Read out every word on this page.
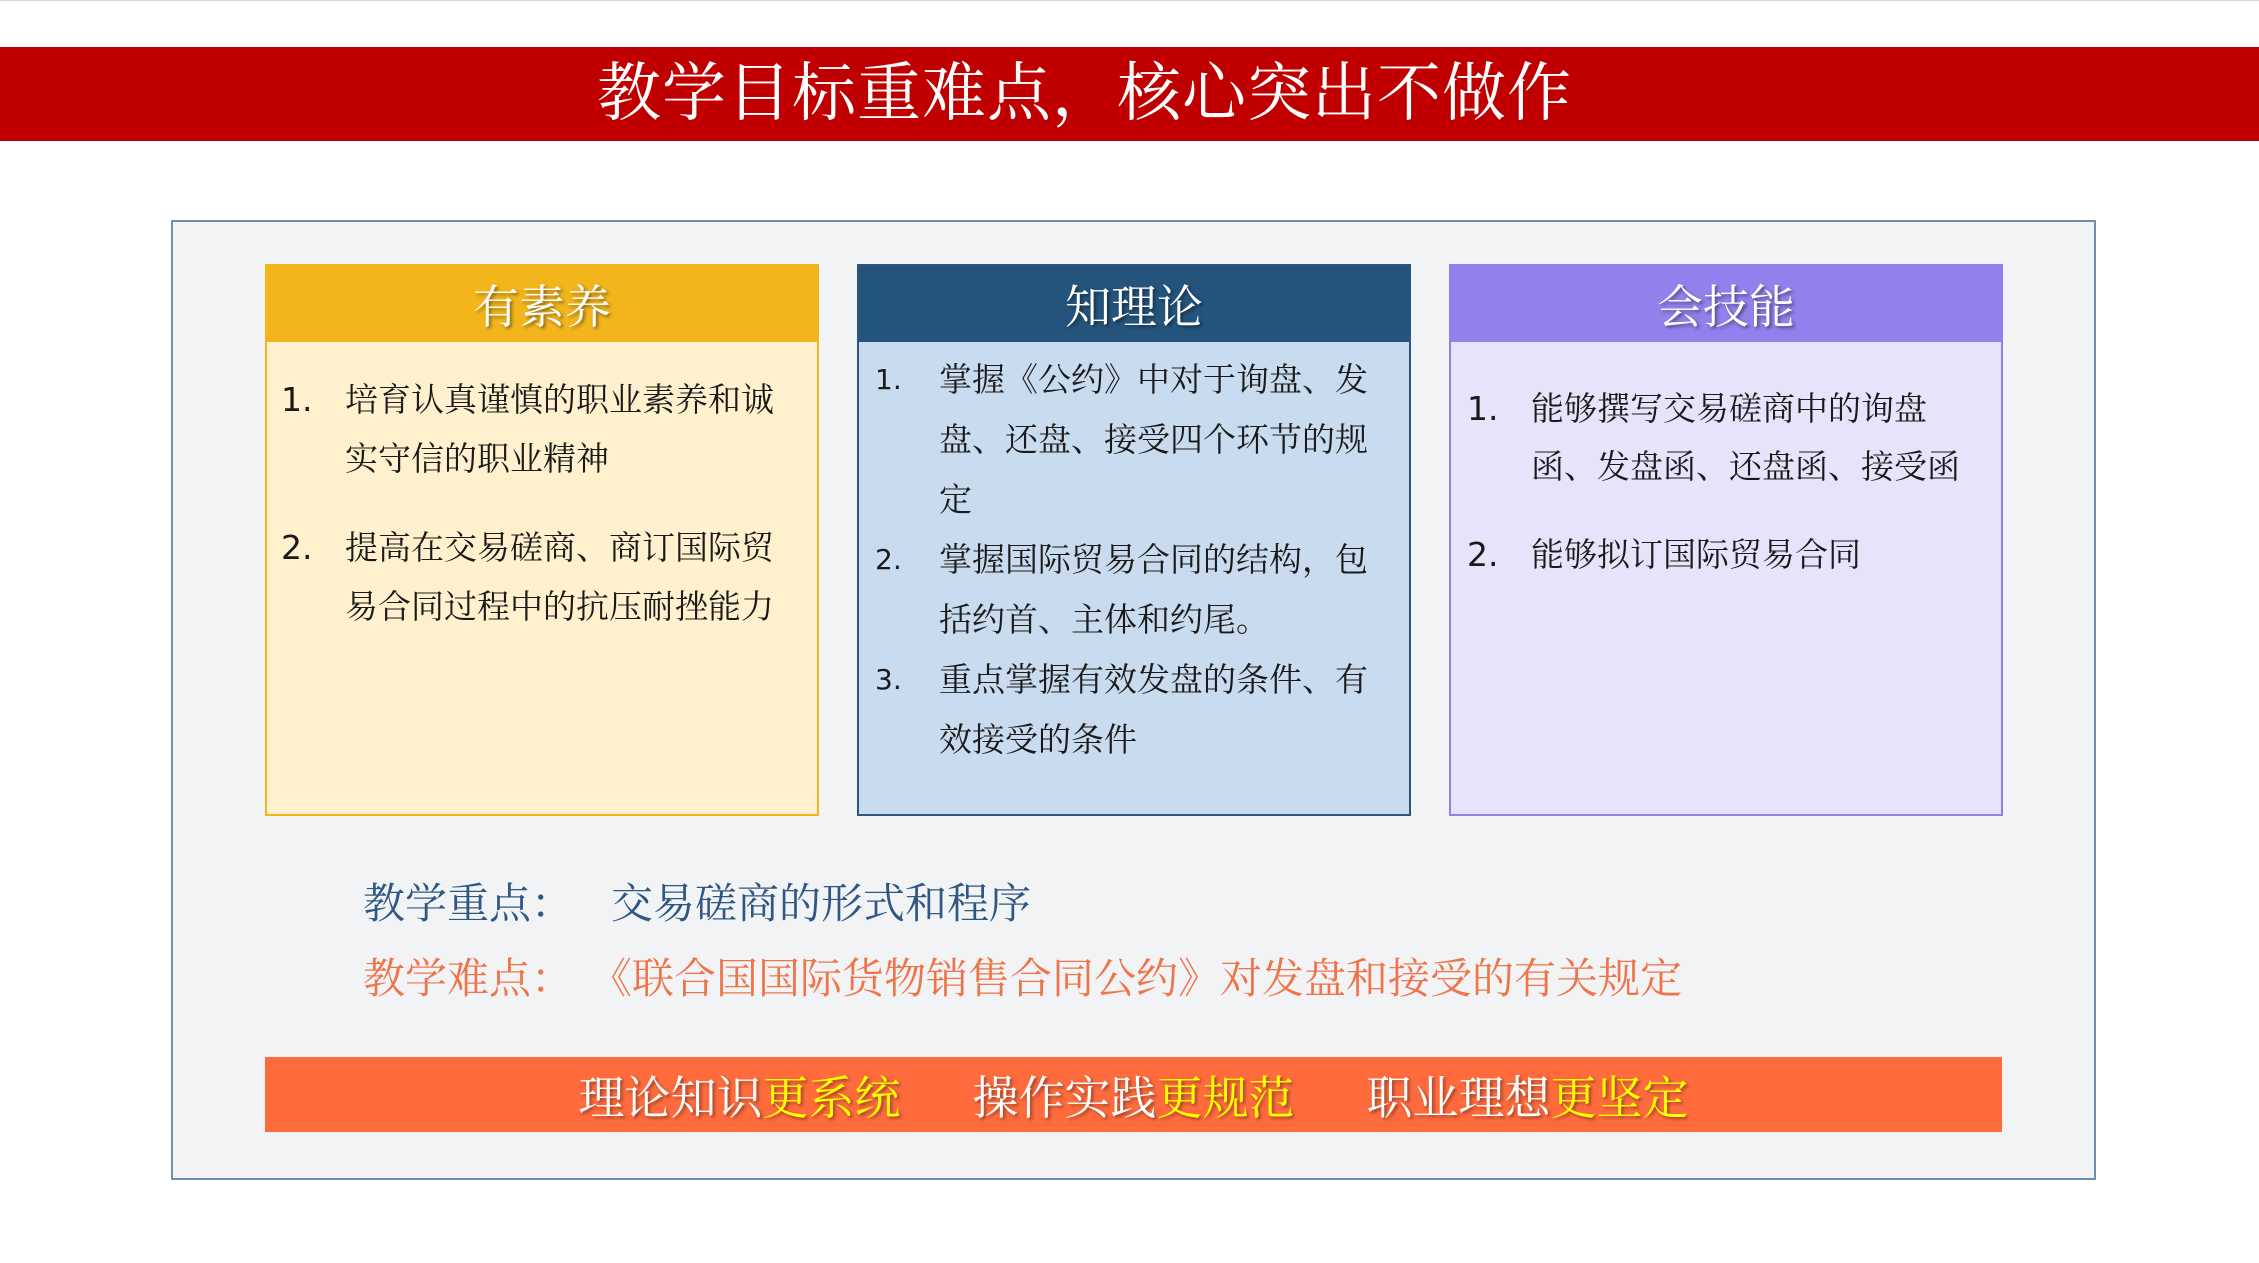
教学目标重难点，核心突出不做作
有素养
1. 培育认真谨慎的职业素养和诚实守信的职业精神
2. 提高在交易磋商、商订国际贸易合同过程中的抗压耐挫能力
知理论
1.	掌握《公约》中对于询盘、发盘、还盘、接受四个环节的规定
2.	掌握国际贸易合同的结构，包括约首、主体和约尾。
3.	重点掌握有效发盘的条件、有效接受的条件
会技能
1. 能够撰写交易磋商中的询盘函、发盘函、还盘函、接受函
2. 能够拟订国际贸易合同
教学重点： 交易磋商的形式和程序
教学难点： 《联合国国际货物销售合同公约》对发盘和接受的有关规定
理论知识更系统 操作实践更规范 职业理想更坚定
